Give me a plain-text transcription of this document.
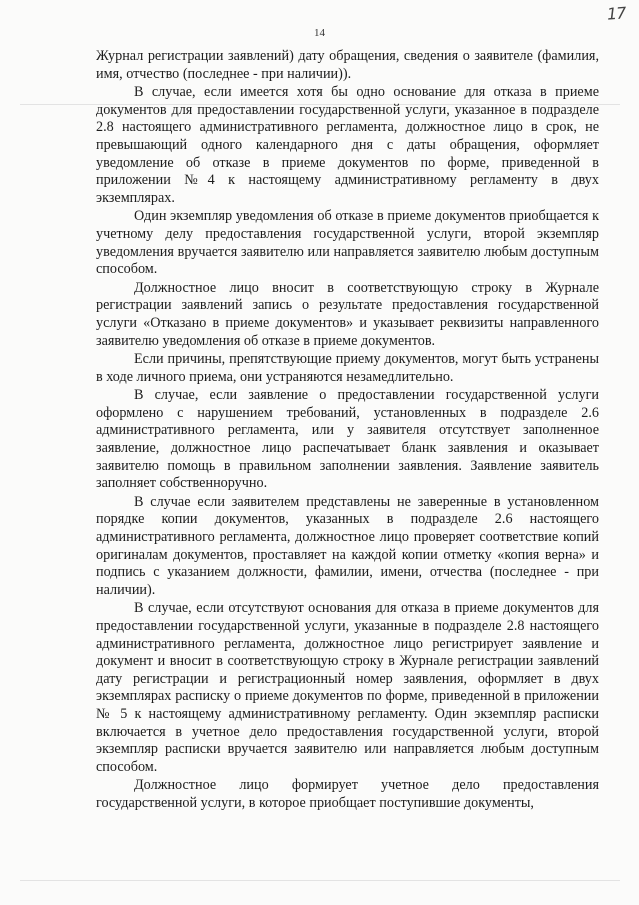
14
17

Журнал регистрации заявлений) дату обращения, сведения о заявителе (фамилия, имя, отчество (последнее - при наличии)).

В случае, если имеется хотя бы одно основание для отказа в приеме документов для предоставлении государственной услуги, указанное в подразделе 2.8 настоящего административного регламента, должностное лицо в срок, не превышающий одного календарного дня с даты обращения, оформляет уведомление об отказе в приеме документов по форме, приведенной в приложении №4 к настоящему административному регламенту в двух экземплярах.

Один экземпляр уведомления об отказе в приеме документов приобщается к учетному делу предоставления государственной услуги, второй экземпляр уведомления вручается заявителю или направляется заявителю любым доступным способом.

Должностное лицо вносит в соответствующую строку в Журнале регистрации заявлений запись о результате предоставления государственной услуги «Отказано в приеме документов» и указывает реквизиты направленного заявителю уведомления об отказе в приеме документов.

Если причины, препятствующие приему документов, могут быть устранены в ходе личного приема, они устраняются незамедлительно.

В случае, если заявление о предоставлении государственной услуги оформлено с нарушением требований, установленных в подразделе 2.6 административного регламента, или у заявителя отсутствует заполненное заявление, должностное лицо распечатывает бланк заявления и оказывает заявителю помощь в правильном заполнении заявления. Заявление заявитель заполняет собственноручно.

В случае если заявителем представлены не заверенные в установленном порядке копии документов, указанных в подразделе 2.6 настоящего административного регламента, должностное лицо проверяет соответствие копий оригиналам документов, проставляет на каждой копии отметку «копия верна» и подпись с указанием должности, фамилии, имени, отчества (последнее - при наличии).

В случае, если отсутствуют основания для отказа в приеме документов для предоставлении государственной услуги, указанные в подразделе 2.8 настоящего административного регламента, должностное лицо регистрирует заявление и документ и вносит в соответствующую строку в Журнале регистрации заявлений дату регистрации и регистрационный номер заявления, оформляет в двух экземплярах расписку о приеме документов по форме, приведенной в приложении № 5 к настоящему административному регламенту. Один экземпляр расписки включается в учетное дело предоставления государственной услуги, второй экземпляр расписки вручается заявителю или направляется любым доступным способом.

Должностное лицо формирует учетное дело предоставления государственной услуги, в которое приобщает поступившие документы,
